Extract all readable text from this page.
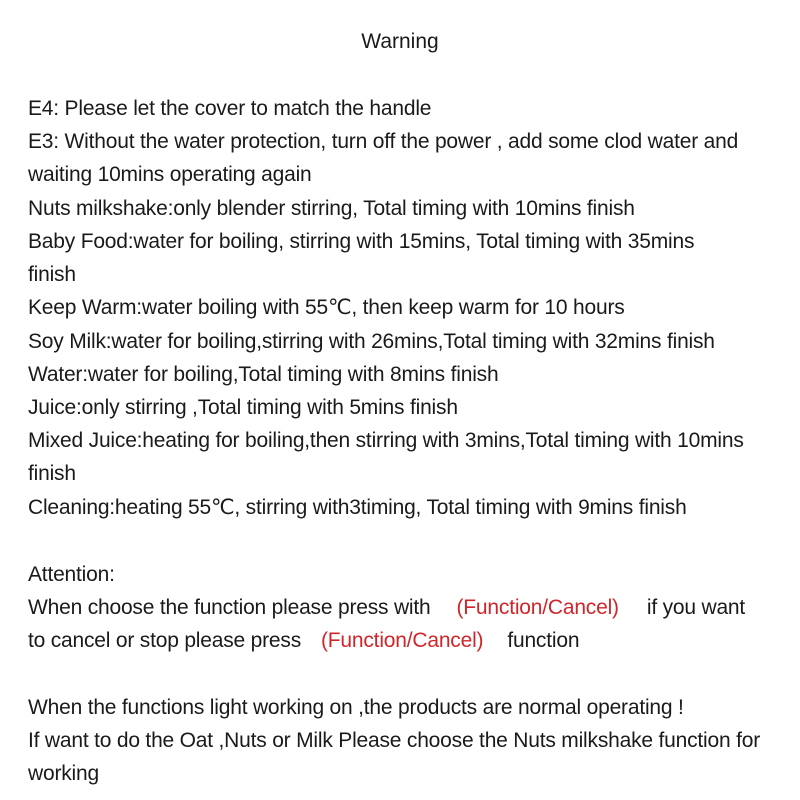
Warning
E4: Please let the cover to match the handle
E3: Without the water protection, turn off the power , add some clod water and
waiting 10mins operating again
Nuts milkshake:only blender stirring, Total timing with 10mins finish
Baby Food:water for boiling, stirring with 15mins, Total timing with 35mins
finish
Keep Warm:water boiling with 55℃, then keep warm for 10 hours
Soy Milk:water for boiling,stirring with 26mins,Total timing with 32mins finish
Water:water for boiling,Total timing with 8mins finish
Juice:only stirring ,Total timing with 5mins finish
Mixed Juice:heating for boiling,then stirring with 3mins,Total timing with 10mins
finish
Cleaning:heating 55℃, stirring with3timing, Total timing with 9mins finish
Attention:
When choose the function please press with (Function/Cancel) if you want
to cancel or stop please press (Function/Cancel) function
When the functions light working on ,the products are normal operating !
If want to do the Oat ,Nuts or Milk Please choose the Nuts milkshake function for
working
